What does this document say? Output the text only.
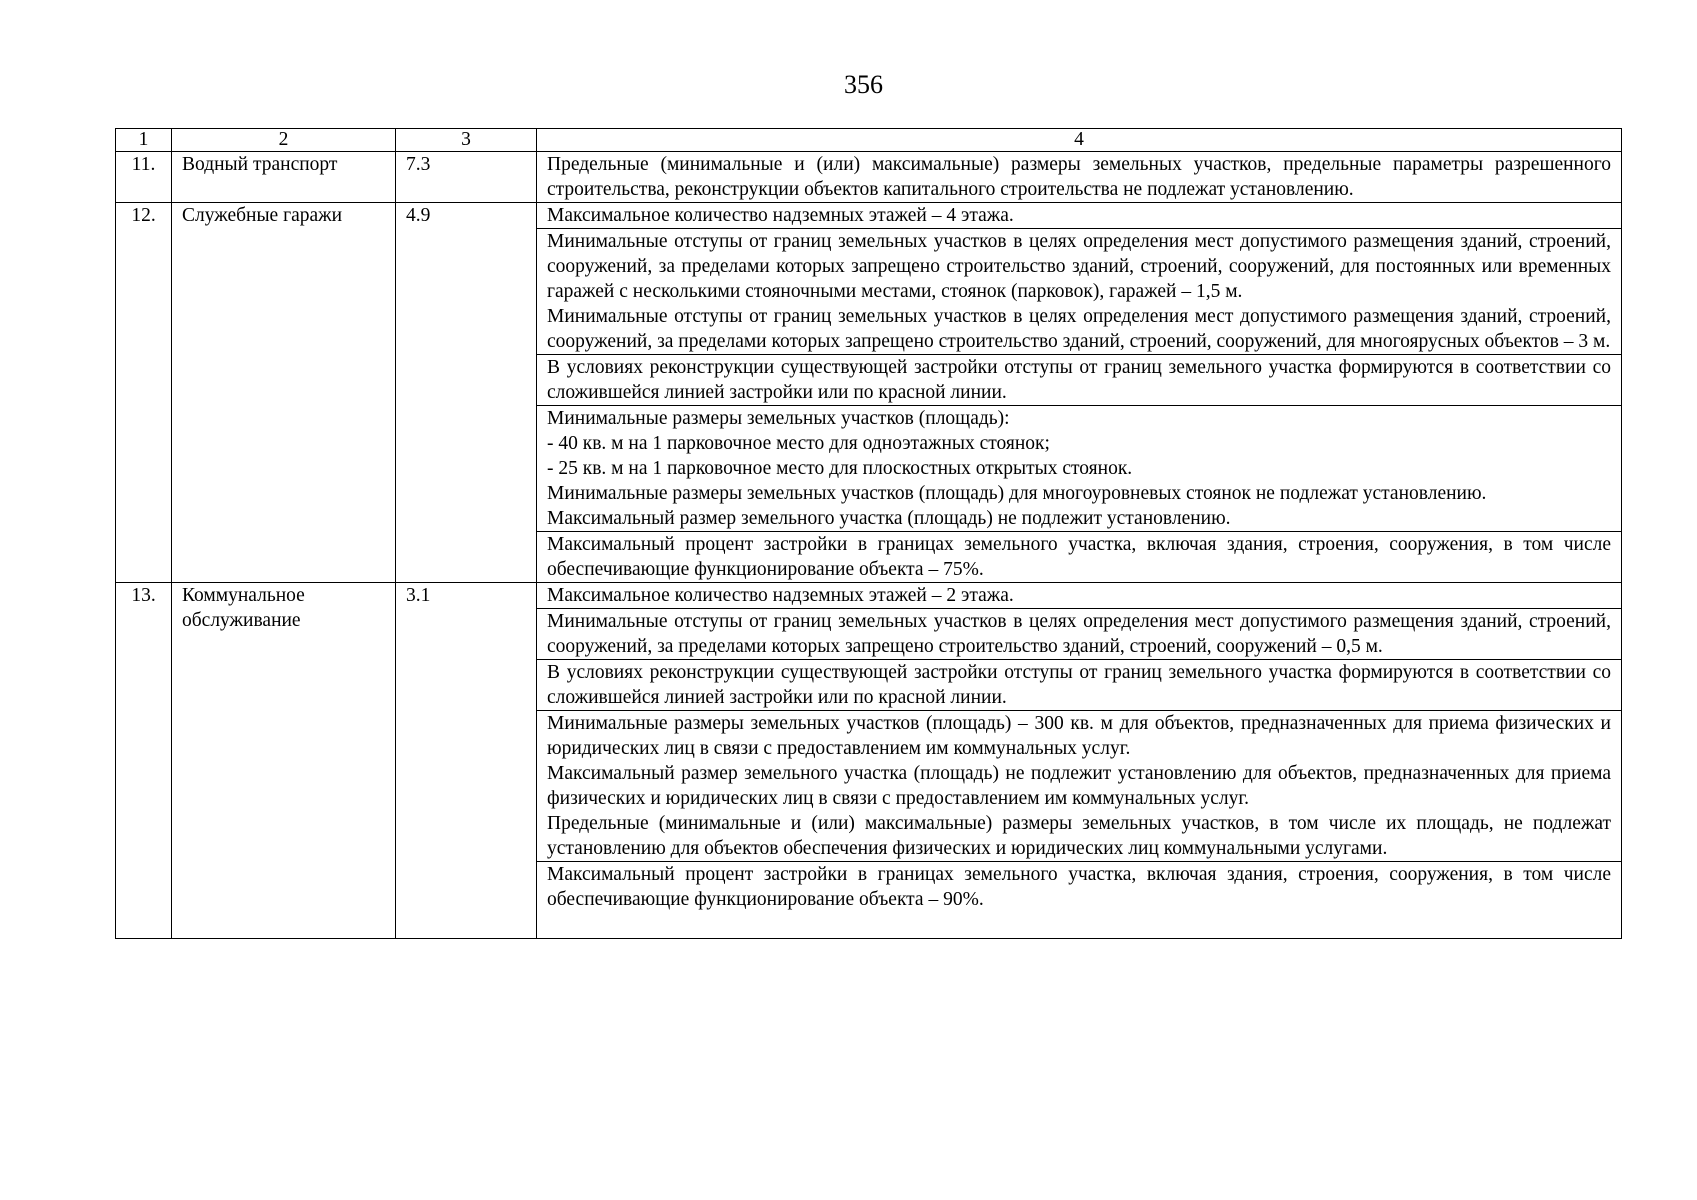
356
1	2	3	4
11.	Водный транспорт	7.3	Предельные (минимальные и (или) максимальные) размеры земельных участков, предельные параметры разрешенного строительства, реконструкции объектов капитального строительства не подлежат установлению.

12.	Служебные гаражи	4.9	Максимальное количество надземных этажей – 4 этажа.

			Минимальные отступы от границ земельных участков в целях определения мест допустимого размещения зданий, строений, сооружений, за пределами которых запрещено строительство зданий, строений, сооружений, для постоянных или временных гаражей с несколькими стояночными местами, стоянок (парковок), гаражей – 1,5 м.

Минимальные отступы от границ земельных участков в целях определения мест допустимого размещения зданий, строений, сооружений, за пределами которых запрещено строительство зданий, строений, сооружений, для многоярусных объектов – 3 м.

			В условиях реконструкции существующей застройки отступы от границ земельного участка формируются в соответствии со сложившейся линией застройки или по красной линии.

			Минимальные размеры земельных участков (площадь):

- 40 кв. м на 1 парковочное место для одноэтажных стоянок;

- 25 кв. м на 1 парковочное место для плоскостных открытых стоянок.

Минимальные размеры земельных участков (площадь) для многоуровневых стоянок не подлежат установлению.

Максимальный размер земельного участка (площадь) не подлежит установлению.

			Максимальный процент застройки в границах земельного участка, включая здания, строения, сооружения, в том числе обеспечивающие функционирование объекта – 75%.

13.	Коммунальное обслуживание	3.1	Максимальное количество надземных этажей – 2 этажа.

			Минимальные отступы от границ земельных участков в целях определения мест допустимого размещения зданий, строений, сооружений, за пределами которых запрещено строительство зданий, строений, сооружений – 0,5 м.

			В условиях реконструкции существующей застройки отступы от границ земельного участка формируются в соответствии со сложившейся линией застройки или по красной линии.

			Минимальные размеры земельных участков (площадь) – 300 кв. м для объектов, предназначенных для приема физических и юридических лиц в связи с предоставлением им коммунальных услуг.

Максимальный размер земельного участка (площадь) не подлежит установлению для объектов, предназначенных для приема физических и юридических лиц в связи с предоставлением им коммунальных услуг.

Предельные (минимальные и (или) максимальные) размеры земельных участков, в том числе их площадь, не подлежат установлению для объектов обеспечения физических и юридических лиц коммунальными услугами.

			Максимальный процент застройки в границах земельного участка, включая здания, строения, сооружения, в том числе обеспечивающие функционирование объекта – 90%.
